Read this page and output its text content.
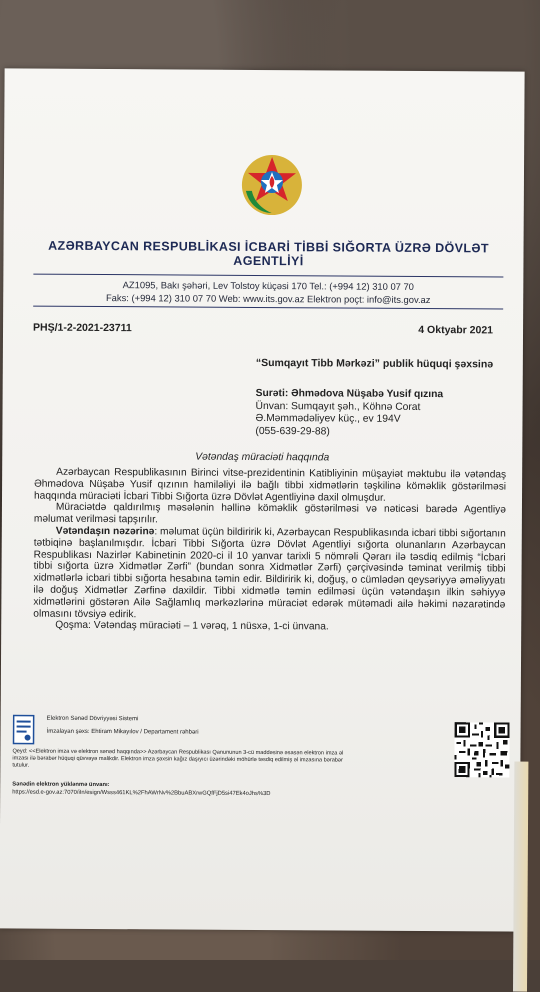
AZƏRBAYCAN RESPUBLİKASI İCBARİ TİBBİ SIĞORTA ÜZRƏ DÖVLƏT AGENTLİYİ
AZ1095, Bakı şəhəri, Lev Tolstoy küçəsi 170 Tel.: (+994 12) 310 07 70
Faks: (+994 12) 310 07 70 Web: www.its.gov.az Elektron poçt: info@its.gov.az
PHŞ/1-2-2021-23711	4 Oktyabr 2021
“Sumqayıt Tibb Mərkəzi” publik hüquqi şəxsinə
Surəti: Əhmədova Nüşabə Yusif qızına
Ünvan: Sumqayıt şəh., Köhnə Corat
Ə.Məmmədəliyev küç., ev 194V
(055-639-29-88)
Vətəndaş müraciəti haqqında

Azərbaycan Respublikasının Birinci vitse-prezidentinin Katibliyinin müşayiət məktubu ilə vətəndaş Əhmədova Nüşabə Yusif qızının hamiləliyi ilə bağlı tibbi xidmətlərin təşkilinə köməklik göstərilməsi haqqında müraciəti İcbari Tibbi Sığorta üzrə Dövlət Agentliyinə daxil olmuşdur.

Müraciətdə qaldırılmış məsələnin həllinə köməklik göstərilməsi və nəticəsi barədə Agentliyə məlumat verilməsi tapşırılır.

Vətəndaşın nəzərinə: məlumat üçün bildiririk ki, Azərbaycan Respublikasında icbari tibbi sığortanın tətbiqinə başlanılmışdır. İcbari Tibbi Sığorta üzrə Dövlət Agentliyi sığorta olunanların Azərbaycan Respublikası Nazirlər Kabinetinin 2020-ci il 10 yanvar tarixli 5 nömrəli Qərarı ilə təsdiq edilmiş “İcbari tibbi sığorta üzrə Xidmətlər Zərfi” (bundan sonra Xidmətlər Zərfi) çərçivəsində təminat verilmiş tibbi xidmətlərlə icbari tibbi sığorta hesabına təmin edir. Bildiririk ki, doğuş, o cümlədən qeysəriyyə əməliyyatı ilə doğuş Xidmətlər Zərfinə daxildir. Tibbi xidmətlə təmin edilməsi üçün vətəndaşın ilkin səhiyyə xidmətlərini göstərən Ailə Sağlamlıq mərkəzlərinə müraciət edərək mütəmadi ailə həkimi nəzarətində olmasını tövsiyə edirik.

Qoşma: Vətəndaş müraciəti – 1 vərəq, 1 nüsxə, 1-ci ünvana.

Elektron Sənəd Dövriyyəsi Sistemi
İmzalayan şəxs: Ehtiram Mikayılov / Departament rəhbəri
Qeyd: <<Elektron imza və elektron sənəd haqqında>> Azərbaycan Respublikası Qanununun 3-cü maddəsinə əsasən elektron imza əl imzası ilə bərabər hüquqi qüvvəyə malikdir. Elektron imza şəxsin kağız daşıyıcı üzərindəki möhürlə təsdiq edilmiş əl imzasına bərabər tutulur.
Sənədin elektron yüklənmə ünvanı:
https://esd.e-gov.az:7070/iIn/esign/Wsss461KL%2FhAWrNv%2BbuABXrwGQfFjD5si47Ek4oJhs%3D
